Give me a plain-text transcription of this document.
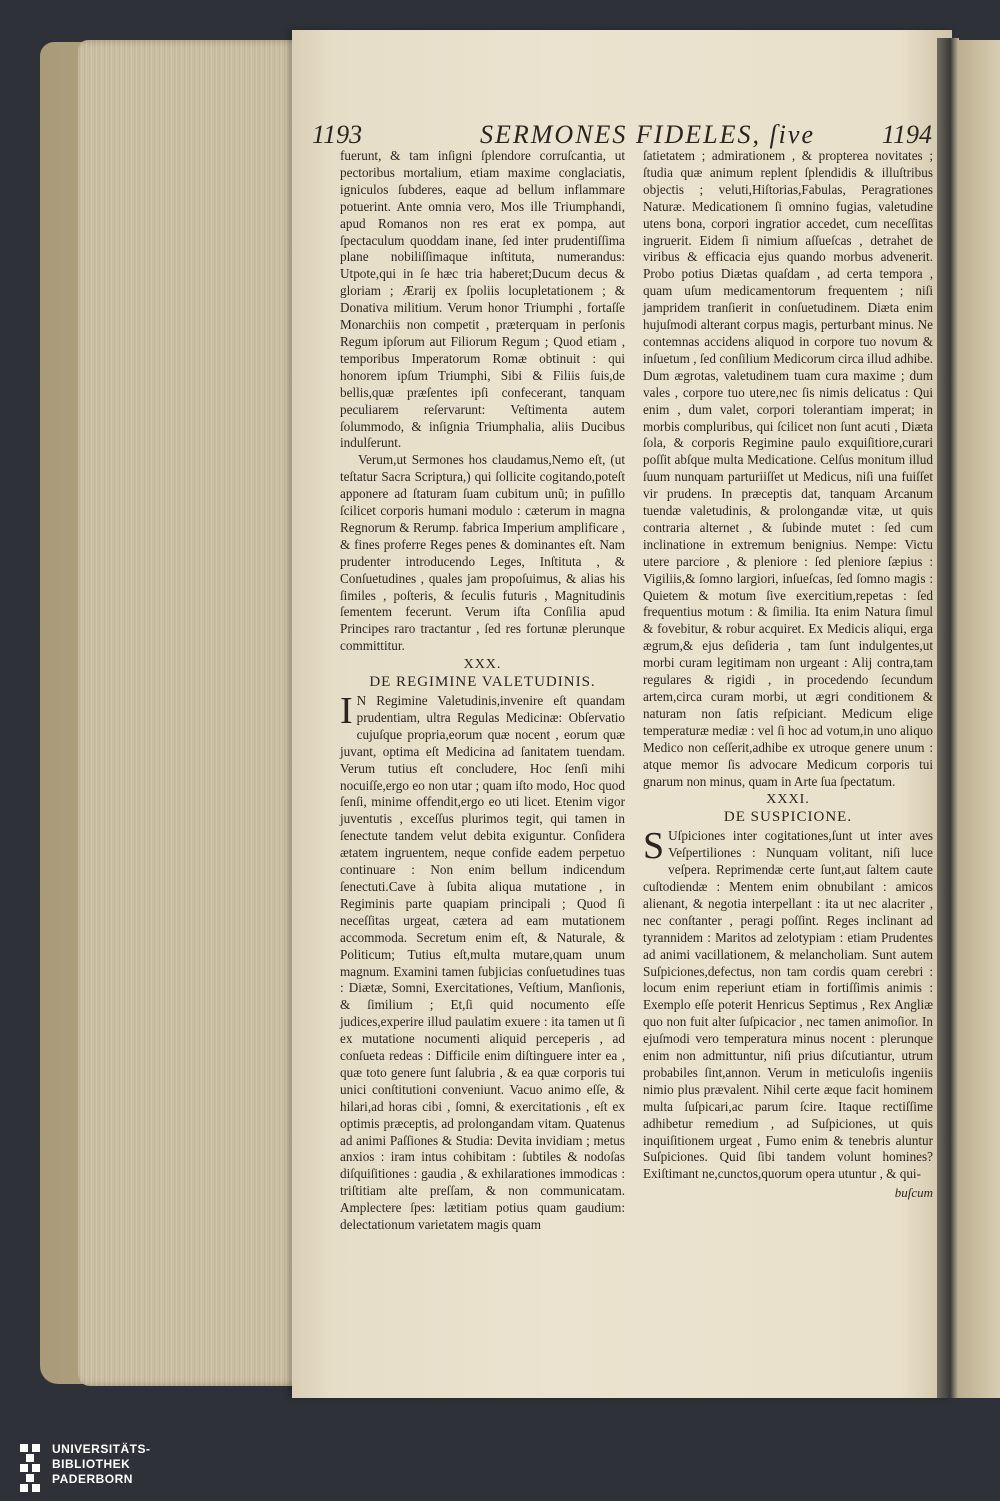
1193	SERMONES FIDELES, ſive	1194

fuerunt, & tam inſigni ſplendore corruſcantia, ut pectoribus mortalium, etiam maxime conglaciatis, igniculos ſubderes, eaque ad bellum inflammare potuerint. Ante omnia vero, Mos ille Triumphandi, apud Romanos non res erat ex pompa, aut ſpectaculum quoddam inane, ſed inter prudentiſſima plane nobiliſſimaque inſtituta, numerandus: Utpote,qui in ſe hæc tria haberet;Ducum decus & gloriam ; Ærarij ex ſpoliis locupletationem ; & Donativa militium. Verum honor Triumphi , fortaſſe Monarchiis non competit , præterquam in perſonis Regum ipſorum aut Filiorum Regum ; Quod etiam , temporibus Imperatorum Romæ obtinuit : qui honorem ipſum Triumphi, Sibi & Filiis ſuis,de bellis,quæ præſentes ipſi confecerant, tanquam peculiarem reſervarunt: Veſtimenta autem ſolummodo, & inſignia Triumphalia, aliis Ducibus indulſerunt.

Verum,ut Sermones hos claudamus,Nemo eſt, (ut teſtatur Sacra Scriptura,) qui ſollicite cogitando,poteſt apponere ad ſtaturam ſuam cubitum unũ; in puſillo ſcilicet corporis humani modulo : cæterum in magna Regnorum & Rerump. fabrica Imperium amplificare , & fines proferre Reges penes & dominantes eſt. Nam prudenter introducendo Leges, Inſtituta , & Conſuetudines , quales jam propoſuimus, & alias his ſimiles , poſteris, & ſeculis futuris , Magnitudinis ſementem fecerunt. Verum iſta Conſilia apud Principes raro tractantur , ſed res fortunæ plerunque committitur.

XXX.
DE REGIMINE VALETUDINIS.

I N Regimine Valetudinis,invenire eſt quandam prudentiam, ultra Regulas Medicinæ: Obſervatio cujuſque propria,eorum quæ nocent , eorum quæ juvant, optima eſt Medicina ad ſanitatem tuendam. Verum tutius eſt concludere, Hoc ſenſi mihi nocuiſſe,ergo eo non utar ; quam iſto modo, Hoc quod ſenſi, minime offendit,ergo eo uti licet. Etenim vigor juventutis , exceſſus plurimos tegit, qui tamen in ſenectute tandem velut debita exiguntur. Conſidera ætatem ingruentem, neque confide eadem perpetuo continuare : Non enim bellum indicendum ſenectuti.Cave à ſubita aliqua mutatione , in Regiminis parte quapiam principali ; Quod ſi neceſſitas urgeat, cætera ad eam mutationem accommoda. Secretum enim eſt, & Naturale, & Politicum; Tutius eſt,multa mutare,quam unum magnum. Examini tamen ſubjicias conſuetudines tuas : Diætæ, Somni, Exercitationes, Veſtium, Manſionis, & ſimilium ; Et,ſi quid nocumento eſſe judices,experire illud paulatim exuere : ita tamen ut ſi ex mutatione nocumenti aliquid perceperis , ad conſueta redeas : Difficile enim diſtinguere inter ea , quæ toto genere ſunt ſalubria , & ea quæ corporis tui unici conſtitutioni conveniunt. Vacuo animo eſſe, & hilari,ad horas cibi , ſomni, & exercitationis , eſt ex optimis præceptis, ad prolongandam vitam. Quatenus ad animi Paſſiones & Studia: Devita invidiam ; metus anxios : iram intus cohibitam : ſubtiles & nodoſas diſquiſitiones : gaudia , & exhilarationes immodicas : triſtitiam alte preſſam, & non communicatam. Amplectere ſpes: lætitiam potius quam gaudium: delectationum varietatem magis quam

ſatietatem ; admirationem , & propterea novitates ; ſtudia quæ animum replent ſplendidis & illuſtribus objectis ; veluti,Hiſtorias,Fabulas, Peragrationes Naturæ. Medicationem ſi omnino fugias, valetudine utens bona, corpori ingratior accedet, cum neceſſitas ingruerit. Eidem ſi nimium aſſueſcas , detrahet de viribus & efficacia ejus quando morbus advenerit. Probo potius Diætas quaſdam , ad certa tempora , quam uſum medicamentorum frequentem ; niſi jampridem tranſierit in conſuetudinem. Diæta enim hujuſmodi alterant corpus magis, perturbant minus. Ne contemnas accidens aliquod in corpore tuo novum & inſuetum , ſed conſilium Medicorum circa illud adhibe. Dum ægrotas, valetudinem tuam cura maxime ; dum vales , corpore tuo utere,nec ſis nimis delicatus : Qui enim , dum valet, corpori tolerantiam imperat; in morbis compluribus, qui ſcilicet non ſunt acuti , Diæta ſola, & corporis Regimine paulo exquiſitiore,curari poſſit abſque multa Medicatione. Celſus monitum illud ſuum nunquam parturiiſſet ut Medicus, niſi una fuiſſet vir prudens. In præceptis dat, tanquam Arcanum tuendæ valetudinis, & prolongandæ vitæ, ut quis contraria alternet , & ſubinde mutet : ſed cum inclinatione in extremum benignius. Nempe: Victu utere parciore , & pleniore : ſed pleniore ſæpius : Vigiliis,& ſomno largiori, inſueſcas, ſed ſomno magis : Quietem & motum ſive exercitium,repetas : ſed frequentius motum : & ſimilia. Ita enim Natura ſimul & fovebitur, & robur acquiret. Ex Medicis aliqui, erga ægrum,& ejus deſideria , tam ſunt indulgentes,ut morbi curam legitimam non urgeant : Alij contra,tam regulares & rigidi , in procedendo ſecundum artem,circa curam morbi, ut ægri conditionem & naturam non ſatis reſpiciant. Medicum elige temperaturæ mediæ : vel ſi hoc ad votum,in uno aliquo Medico non ceſſerit,adhibe ex utroque genere unum : atque memor ſis advocare Medicum corporis tui gnarum non minus, quam in Arte ſua ſpectatum.

XXXI.
DE SUSPICIONE.

S Uſpiciones inter cogitationes,ſunt ut inter aves Veſpertiliones : Nunquam volitant, niſi luce veſpera. Reprimendæ certe ſunt,aut ſaltem caute cuſtodiendæ : Mentem enim obnubilant : amicos alienant, & negotia interpellant : ita ut nec alacriter , nec conſtanter , peragi poſſint. Reges inclinant ad tyrannidem : Maritos ad zelotypiam : etiam Prudentes ad animi vacillationem, & melancholiam. Sunt autem Suſpiciones,defectus, non tam cordis quam cerebri : locum enim reperiunt etiam in fortiſſimis animis : Exemplo eſſe poterit Henricus Septimus , Rex Angliæ quo non fuit alter ſuſpicacior , nec tamen animoſior. In ejuſmodi vero temperatura minus nocent : plerunque enim non admittuntur, niſi prius diſcutiantur, utrum probabiles ſint,annon. Verum in meticuloſis ingeniis nimio plus prævalent. Nihil certe æque facit hominem multa ſuſpicari,ac parum ſcire. Itaque rectiſſime adhibetur remedium , ad Suſpiciones, ut quis inquiſitionem urgeat , Fumo enim & tenebris aluntur Suſpiciones. Quid ſibi tandem volunt homines? Exiſtimant ne,cunctos,quorum opera utuntur , & qui-

buſcum
UNIVERSITÄTS-
BIBLIOTHEK
PADERBORN
